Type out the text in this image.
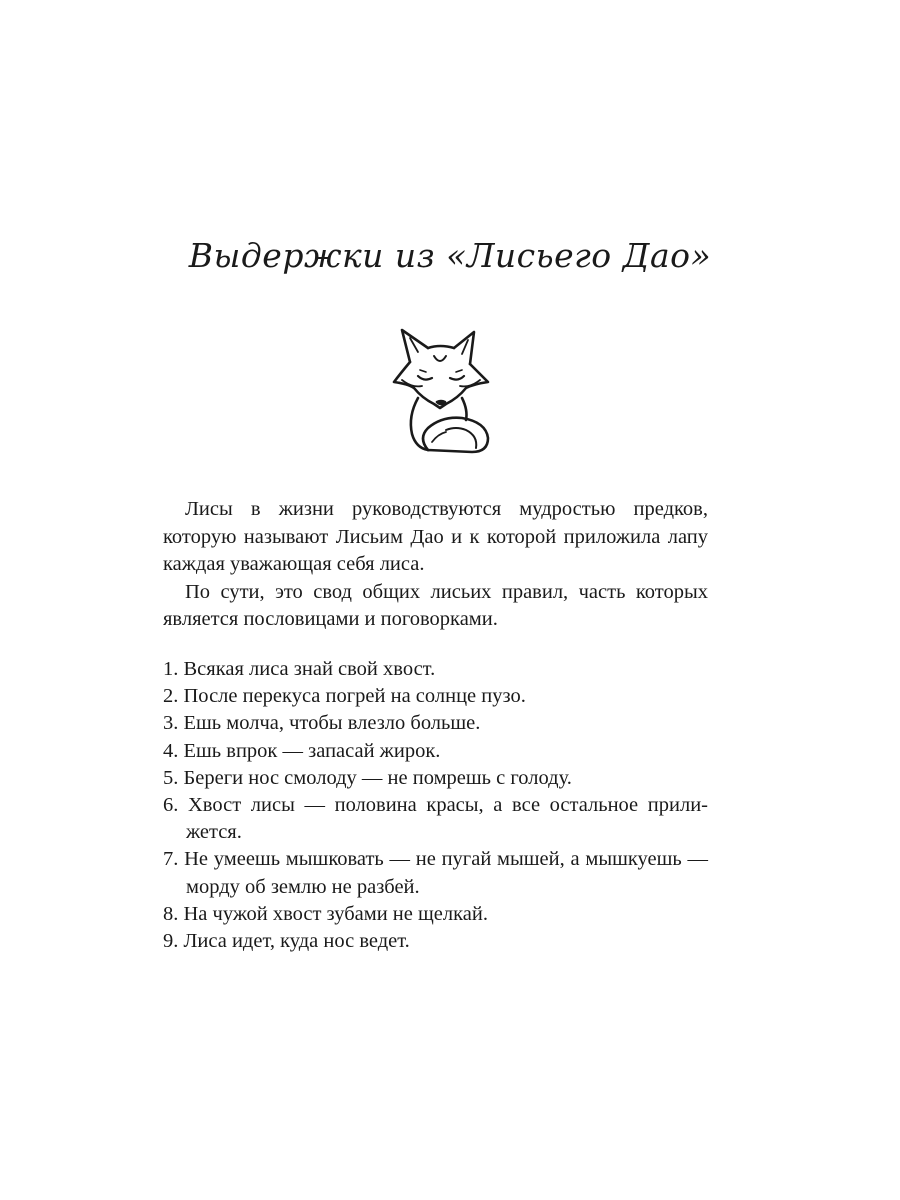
Выдержки из «Лисьего Дао»

Лисы в жизни руководствуются мудростью предков, которую называют Лисьим Дао и к которой приложила лапу каждая уважающая себя лиса.

По сути, это свод общих лисьих правил, часть которых является пословицами и поговорками.

1. Всякая лиса знай свой хвост.
2. После перекуса погрей на солнце пузо.
3. Ешь молча, чтобы влезло больше.
4. Ешь впрок — запасай жирок.
5. Береги нос смолоду — не помрешь с голоду.
6. Хвост лисы — половина красы, а все остальное прилижется.
7. Не умеешь мышковать — не пугай мышей, а мышкуешь — морду об землю не разбей.
8. На чужой хвост зубами не щелкай.
9. Лиса идет, куда нос ведет.
